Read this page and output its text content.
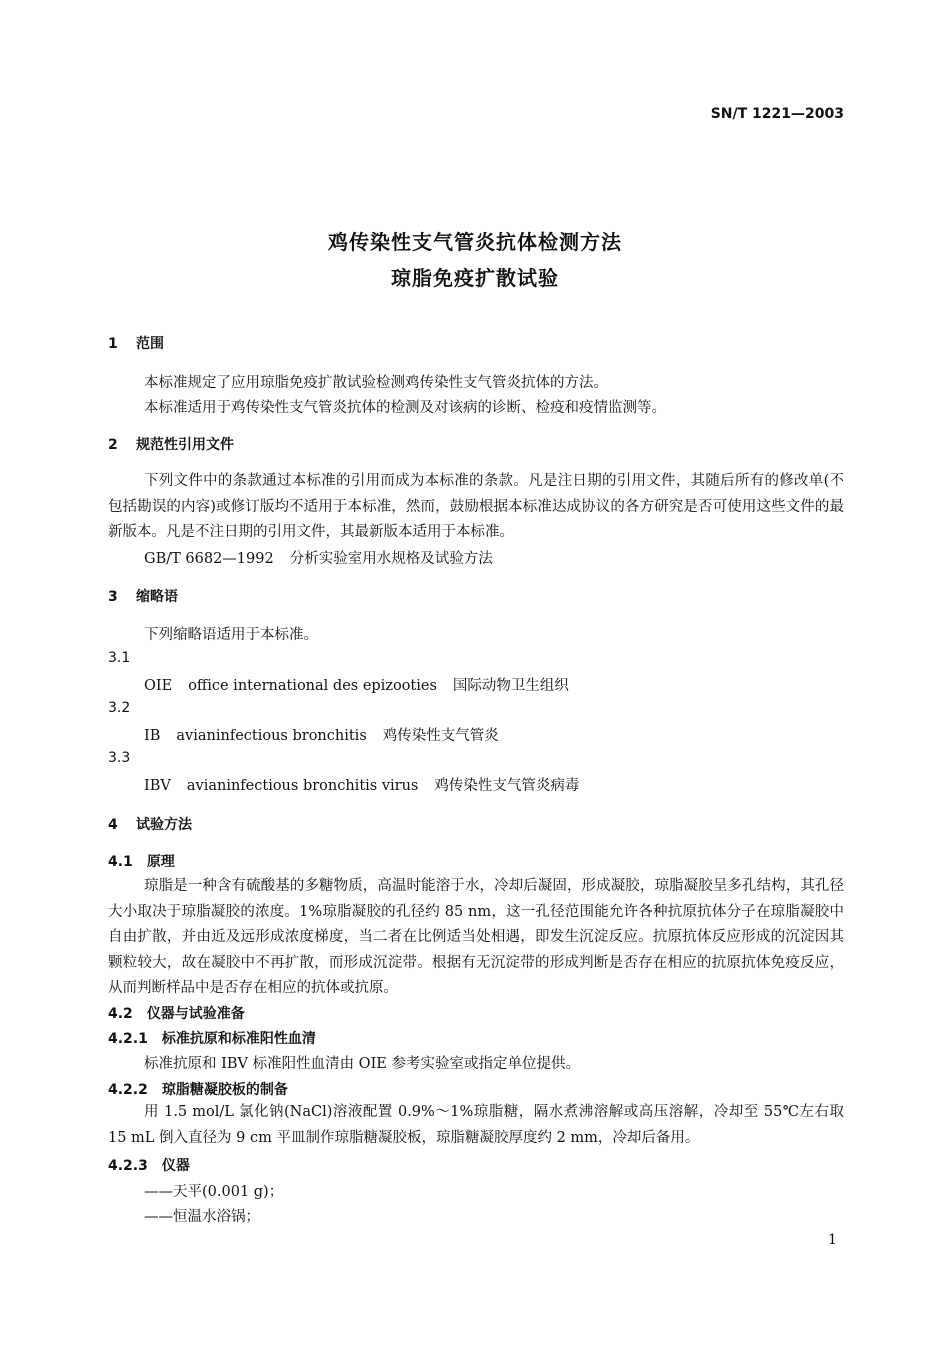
SN/T 1221—2003
鸡传染性支气管炎抗体检测方法
琼脂免疫扩散试验
1 范围
本标准规定了应用琼脂免疫扩散试验检测鸡传染性支气管炎抗体的方法。
本标准适用于鸡传染性支气管炎抗体的检测及对该病的诊断、检疫和疫情监测等。
2 规范性引用文件
下列文件中的条款通过本标准的引用而成为本标准的条款。凡是注日期的引用文件，其随后所有的修改单(不包括勘误的内容)或修订版均不适用于本标准，然而，鼓励根据本标准达成协议的各方研究是否可使用这些文件的最新版本。凡是不注日期的引用文件，其最新版本适用于本标准。
GB/T 6682—1992 分析实验室用水规格及试验方法
3 缩略语
下列缩略语适用于本标准。
3.1
OIE office international des epizooties 国际动物卫生组织
3.2
IB avianinfectious bronchitis 鸡传染性支气管炎
3.3
IBV avianinfectious bronchitis virus 鸡传染性支气管炎病毒
4 试验方法
4.1 原理
琼脂是一种含有硫酸基的多糖物质，高温时能溶于水，冷却后凝固，形成凝胶，琼脂凝胶呈多孔结构，其孔径大小取决于琼脂凝胶的浓度。1%琼脂凝胶的孔径约 85 nm，这一孔径范围能允许各种抗原抗体分子在琼脂凝胶中自由扩散，并由近及远形成浓度梯度，当二者在比例适当处相遇，即发生沉淀反应。抗原抗体反应形成的沉淀因其颗粒较大，故在凝胶中不再扩散，而形成沉淀带。根据有无沉淀带的形成判断是否存在相应的抗原抗体免疫反应，从而判断样品中是否存在相应的抗体或抗原。
4.2 仪器与试验准备
4.2.1 标准抗原和标准阳性血清
标准抗原和 IBV 标准阳性血清由 OIE 参考实验室或指定单位提供。
4.2.2 琼脂糖凝胶板的制备
用 1.5 mol/L 氯化钠(NaCl)溶液配置 0.9%～1%琼脂糖，隔水煮沸溶解或高压溶解，冷却至 55℃左右取 15 mL 倒入直径为 9 cm 平皿制作琼脂糖凝胶板，琼脂糖凝胶厚度约 2 mm，冷却后备用。
4.2.3 仪器
——天平(0.001 g)；
——恒温水浴锅；
1
